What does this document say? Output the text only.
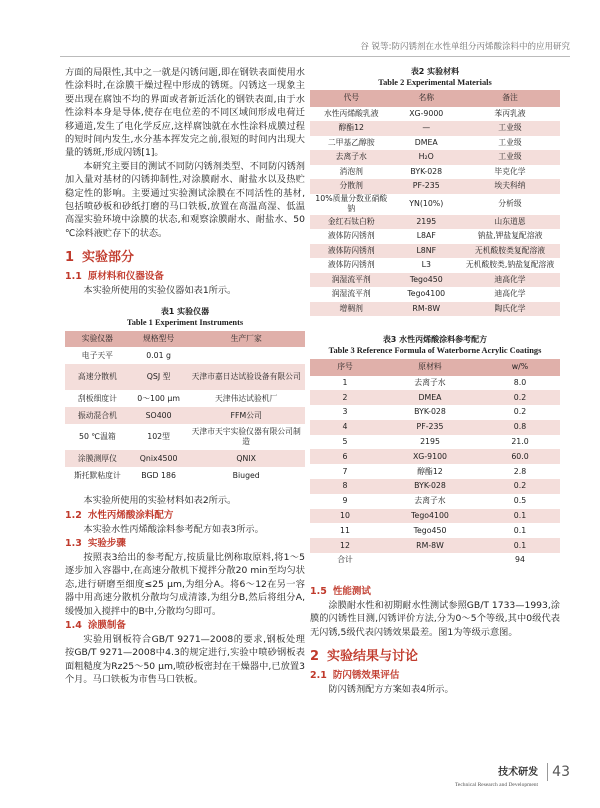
谷 锐等:防闪锈剂在水性单组分丙烯酸涂料中的应用研究

方面的局限性,其中之一就是闪锈问题,即在钢铁表面使用水性涂料时,在涂膜干燥过程中形成的锈斑。闪锈这一现象主要出现在腐蚀不均的界面或者新近活化的钢铁表面,由于水性涂料本身是导体,使存在电位差的不同区域间形成电荷迁移通道,发生了电化学反应,这样腐蚀就在水性涂料成膜过程的短时间内发生,水分基本挥发完之前,很短的时间内出现大量的锈斑,形成闪锈[1]。

本研究主要目的测试不同防闪锈剂类型、不同防闪锈剂加入量对基材的闪锈抑制性,对涂膜耐水、耐盐水以及热贮稳定性的影响。主要通过实验测试涂膜在不同活性的基材,包括喷砂板和砂纸打磨的马口铁板,放置在高温高湿、低温高湿实验环境中涂膜的状态,和观察涂膜耐水、耐盐水、50 ℃涂料液贮存下的状态。

1 实验部分
1.1 原材料和仪器设备

本实验所使用的实验仪器如表1所示。

表1 实验仪器
Table 1 Experiment Instruments
实验仪器	规格型号	生产厂家
电子天平	0.01 g	
高速分散机	QSJ 型	天津市嘉日达试验设备有限公司
刮板细度计	0～100 μm	天津伟达试验机厂
振动混合机	SO400	FFM公司
50 ℃温箱	102型	天津市天宇实验仪器有限公司制造
涂膜测厚仪	Qnix4500	QNIX
斯托默粘度计	BGD 186	Biuged

本实验所使用的实验材料如表2所示。

1.2 水性丙烯酸涂料配方

本实验水性丙烯酸涂料参考配方如表3所示。

1.3 实验步骤

按照表3给出的参考配方,按质量比例称取原料,将1～5逐步加入容器中,在高速分散机下搅拌分散20 min至均匀状态,进行研磨至细度≤25 μm,为组分A。将6～12在另一容器中用高速分散机分散均匀成清漆,为组分B,然后将组分A,缓慢加入搅拌中的B中,分散均匀即可。

1.4 涂膜制备

实验用钢板符合GB/T 9271—2008的要求,钢板处理按GB/T 9271—2008中4.3的规定进行,实验中喷砂钢板表面粗糙度为Rz25～50 μm,喷砂板密封在干燥器中,已放置3个月。马口铁板为市售马口铁板。

表2 实验材料
Table 2 Experimental Materials
代号	名称	备注
水性丙烯酸乳液	XG-9000	苯丙乳液
醇酯12	—	工业级
二甲基乙醇胺	DMEA	工业级
去离子水	H₂O	工业级
消泡剂	BYK-028	毕克化学
分散剂	PF-235	埃夫科纳
10%质量分数亚硝酸钠	YN(10%)	分析级
金红石钛白粉	2195	山东道恩
液体防闪锈剂	L8AF	钠盐,钾盐复配溶液
液体防闪锈剂	L8NF	无机酸胺类复配溶液
液体防闪锈剂	L3	无机酸胺类,钠盐复配溶液
润湿流平剂	Tego450	迪高化学
润湿流平剂	Tego4100	迪高化学
增稠剂	RM-8W	陶氏化学
表3 水性丙烯酸涂料参考配方
Table 3 Reference Formula of Waterborne Acrylic Coatings
序号	原材料	w/%
1	去离子水	8.0
2	DMEA	0.2
3	BYK-028	0.2
4	PF-235	0.8
5	2195	21.0
6	XG-9100	60.0
7	醇酯12	2.8
8	BYK-028	0.2
9	去离子水	0.5
10	Tego4100	0.1
11	Tego450	0.1
12	RM-8W	0.1
合计		94
1.5 性能测试

涂膜耐水性和初期耐水性测试参照GB/T 1733—1993,涂膜的闪锈性目测,闪锈评价方法,分为0～5个等级,其中0级代表无闪锈,5级代表闪锈效果最差。图1为等级示意图。

2 实验结果与讨论
2.1 防闪锈效果评估

防闪锈剂配方方案如表4所示。

技术研发
Technical Research and Development
43
